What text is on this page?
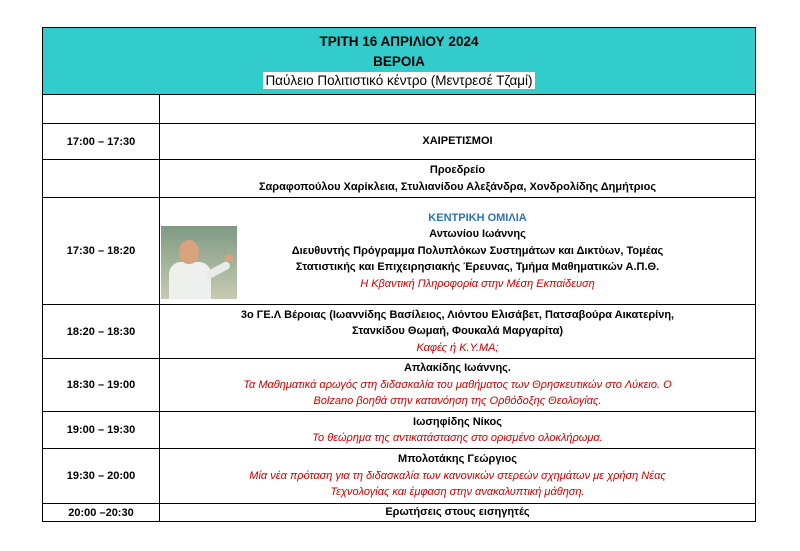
ΤΡΙΤΗ 16 ΑΠΡΙΛΙΟΥ 2024
ΒΕΡΟΙΑ
Παύλειο Πολιτιστικό κέντρο (Μεντρεσέ Τζαμί)	

17:00 – 17:30	ΧΑΙΡΕΤΙΣΜΟΙ

	Προεδρείο
Σαραφοπούλου Χαρίκλεια, Στυλιανίδου Αλεξάνδρα, Χονδρολίδης Δημήτριος

17:30 – 18:20	ΚΕΝΤΡΙΚΗ ΟΜΙΛΙΑ
Αντωνίου Ιωάννης
Διευθυντής Πρόγραμμα Πολυπλόκων Συστημάτων και Δικτύων, Τομέας
Στατιστικής και Επιχειρησιακής Έρευνας, Τμήμα Μαθηματικών Α.Π.Θ.
Η Κβαντική Πληροφορία στην Μέση Εκπαίδευση

18:20 – 18:30	3ο ΓΕ.Λ Βέροιας (Ιωαννίδης Βασίλειος, Λιόντου Ελισάβετ, Πατσαβούρα Αικατερίνη,
Στανκίδου Θωμαή, Φουκαλά Μαργαρίτα)
Καφές ή Κ.Υ.ΜΑ;

18:30 – 19:00	Απλακίδης Ιωάννης.
Τα Μαθηματικά αρωγός στη διδασκαλία του μαθήματος των Θρησκευτικών στο Λύκειο. Ο
Bolzano βοηθά στην κατανόηση της Ορθόδοξης Θεολογίας.

19:00 – 19:30	Ιωσηφίδης Νίκος
Το θεώρημα της αντικατάστασης στο ορισμένο ολοκλήρωμα.

19:30 – 20:00	Μπολοτάκης Γεώργιος
Μία νέα πρόταση για τη διδασκαλία των κανονικών στερεών σχημάτων με χρήση Νέας
Τεχνολογίας και έμφαση στην ανακαλυπτική μάθηση.

20:00 –20:30	Ερωτήσεις στους εισηγητές
